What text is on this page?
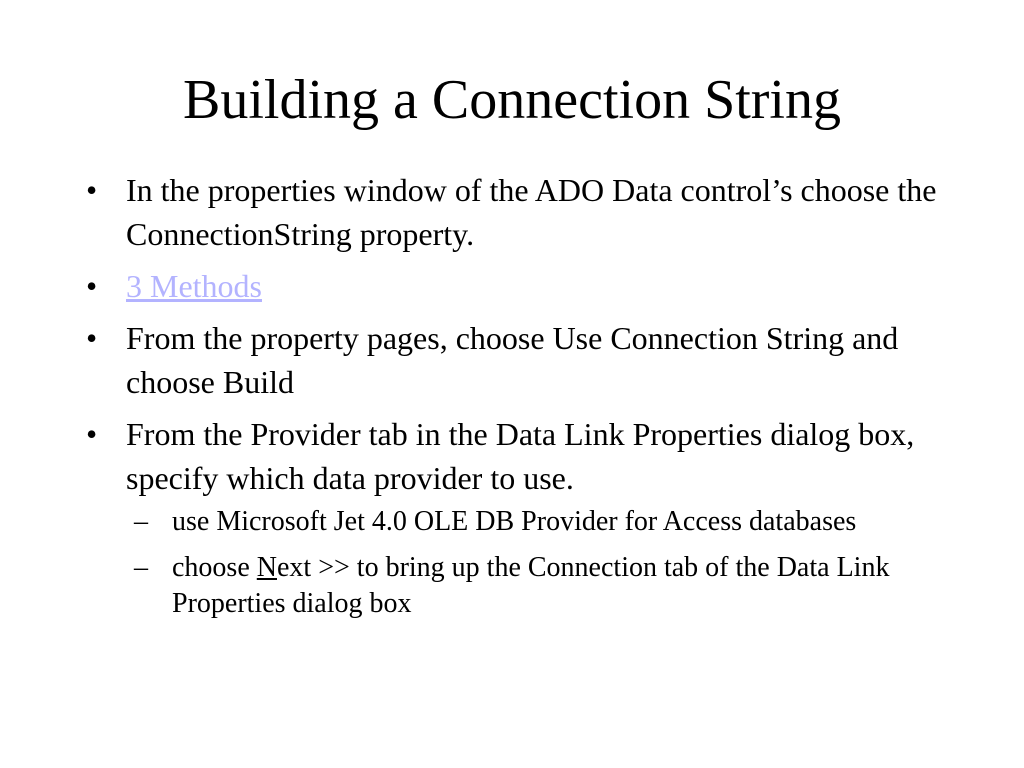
Building a Connection String
• In the properties window of the ADO Data control’s choose the ConnectionString property.
• 3 Methods
• From the property pages, choose Use Connection String and choose Build
• From the Provider tab in the Data Link Properties dialog box, specify which data provider to use.
– use Microsoft Jet 4.0 OLE DB Provider for Access databases
– choose Next >> to bring up the Connection tab of the Data Link Properties dialog box
